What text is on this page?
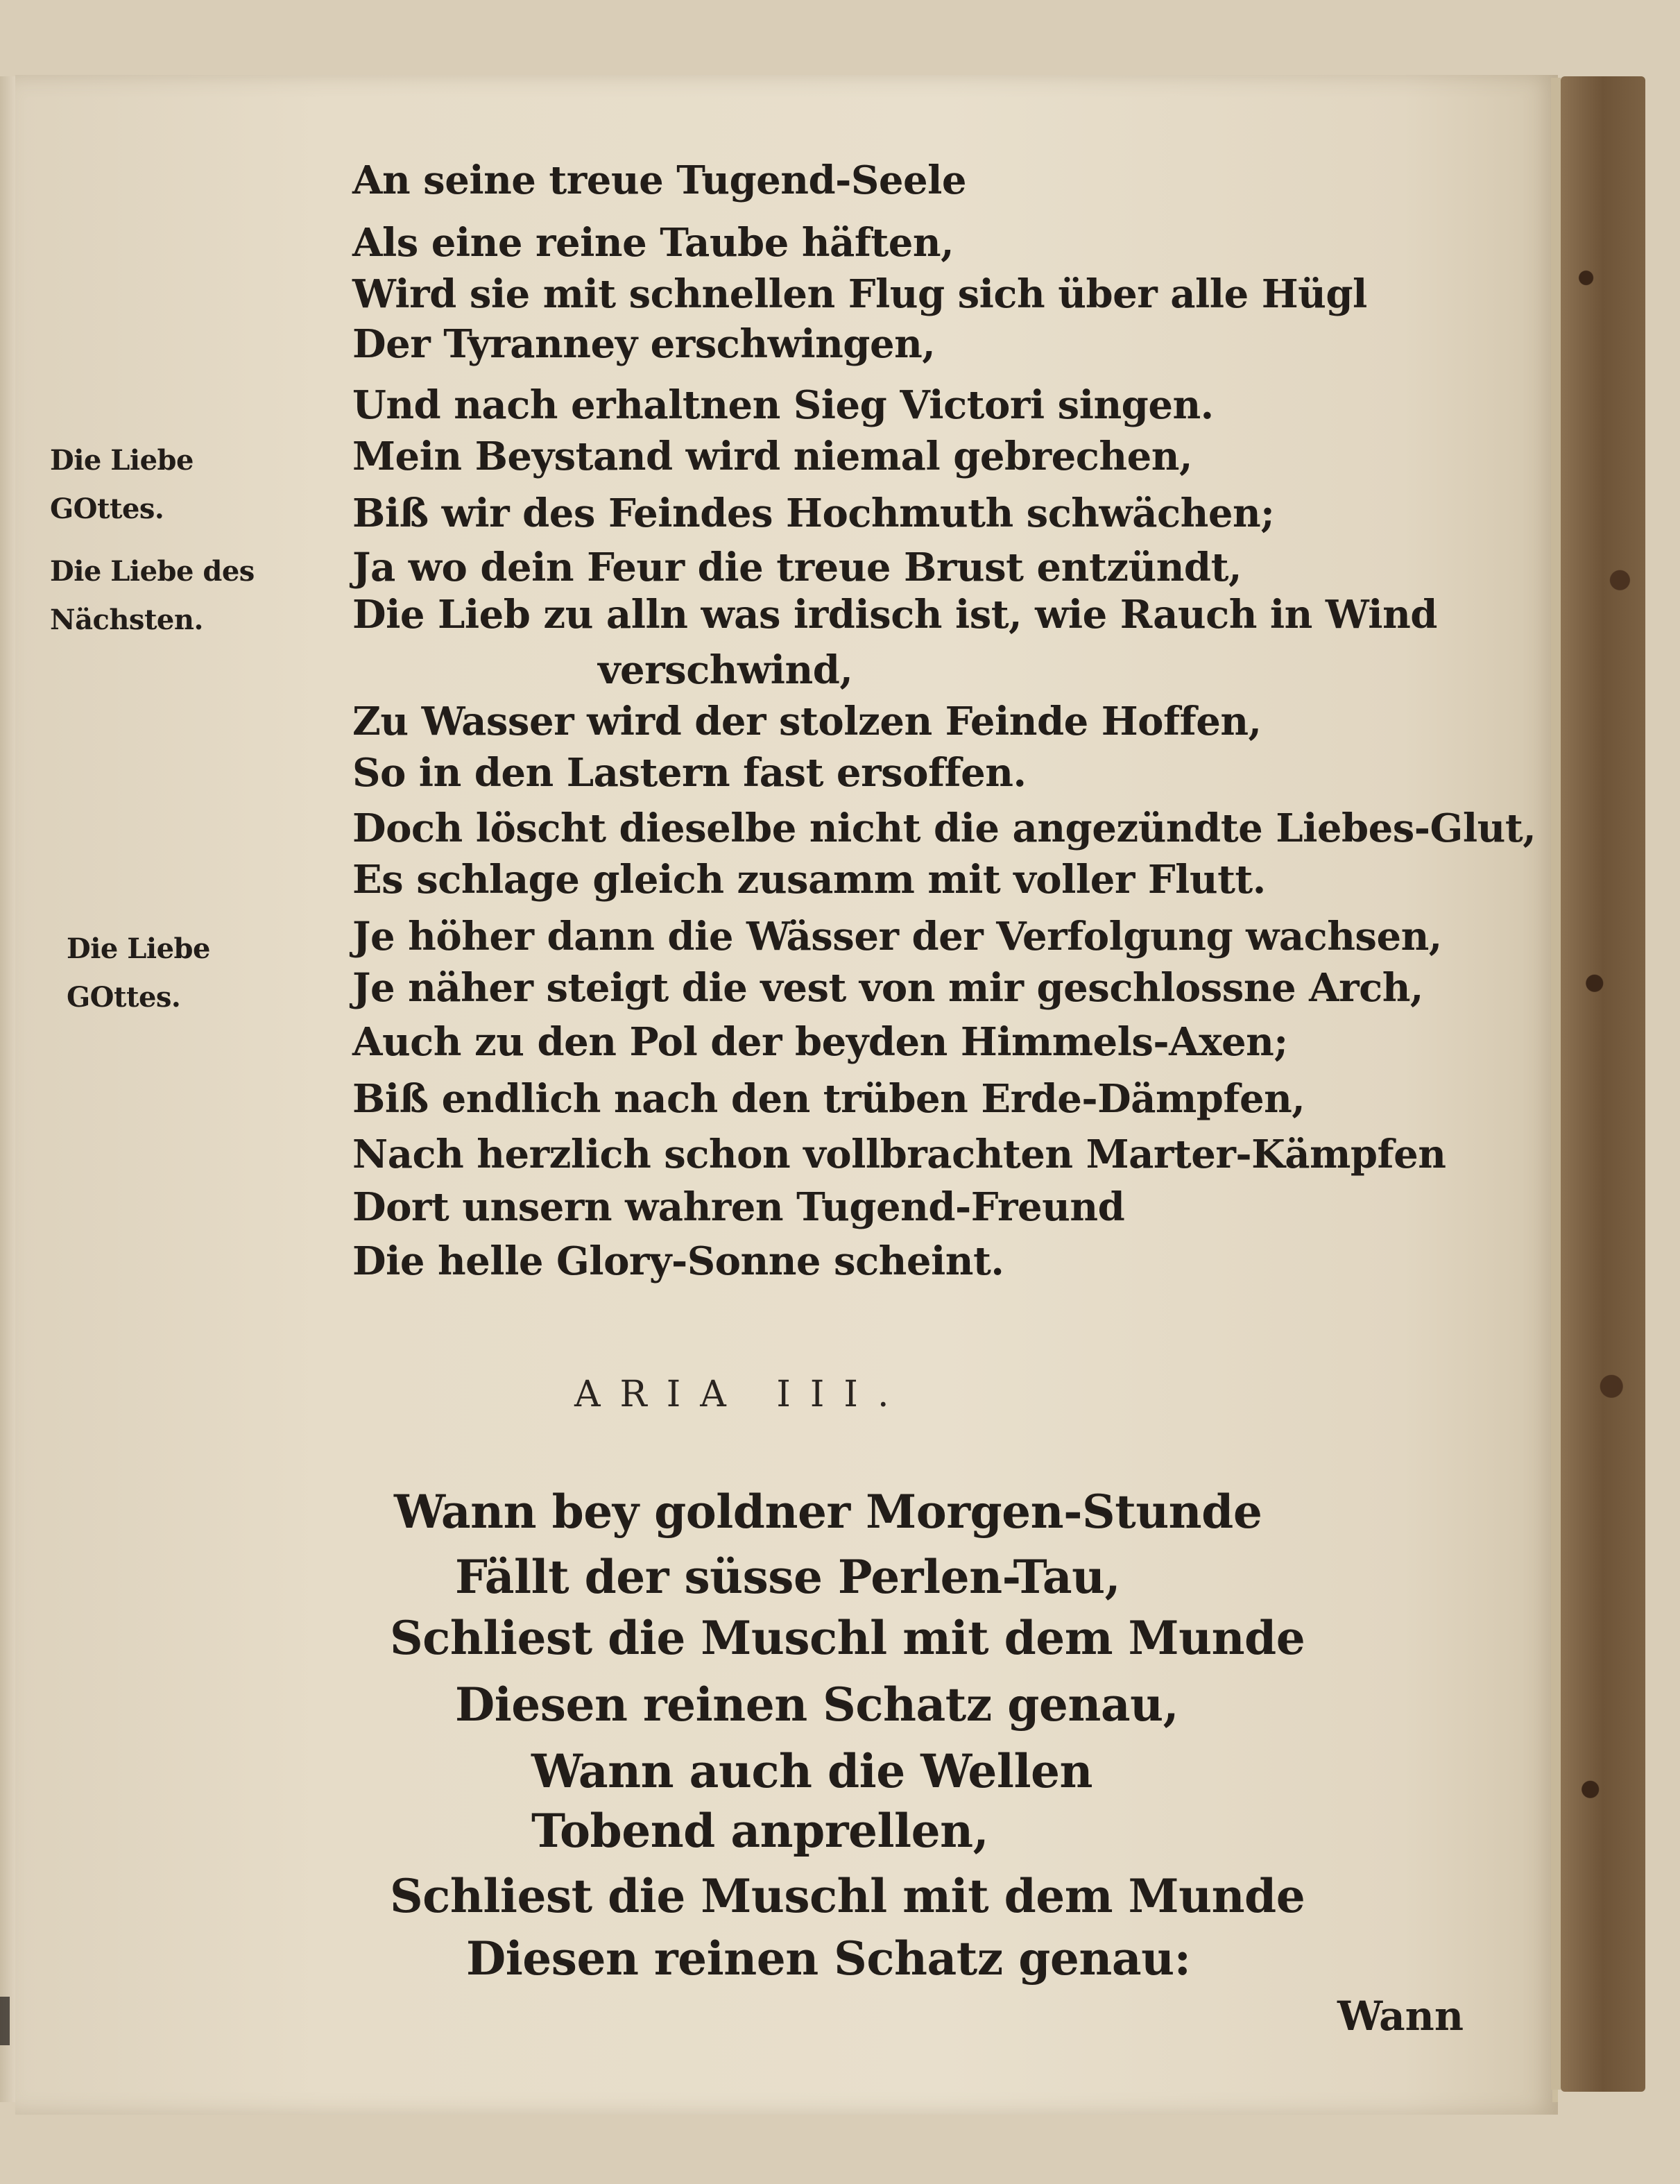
An seine treue Tugend-Seele

Als eine reine Taube häften,

Wird sie mit schnellen Flug sich über alle Hügl

Der Tyranney erschwingen,

Und nach erhaltnen Sieg Victori singen.

Mein Beystand wird niemal gebrechen,

Biß wir des Feindes Hochmuth schwächen;

Ja wo dein Feur die treue Brust entzündt,

Die Lieb zu alln was irdisch ist, wie Rauch in Wind

verschwind,

Zu Wasser wird der stolzen Feinde Hoffen,

So in den Lastern fast ersoffen.

Doch löscht dieselbe nicht die angezündte Liebes-Glut,

Es schlage gleich zusamm mit voller Flutt.

Je höher dann die Wässer der Verfolgung wachsen,

Je näher steigt die vest von mir geschlossne Arch,

Auch zu den Pol der beyden Himmels-Axen;

Biß endlich nach den trüben Erde-Dämpfen,

Nach herzlich schon vollbrachten Marter-Kämpfen

Dort unsern wahren Tugend-Freund

Die helle Glory-Sonne scheint.

Die Liebe

GOttes.

Die Liebe des

Nächsten.

Die Liebe

GOttes.

ARIA III.

Wann bey goldner Morgen-Stunde

Fällt der süsse Perlen-Tau,

Schliest die Muschl mit dem Munde

Diesen reinen Schatz genau,

Wann auch die Wellen

Tobend anprellen,

Schliest die Muschl mit dem Munde

Diesen reinen Schatz genau:

Wann
